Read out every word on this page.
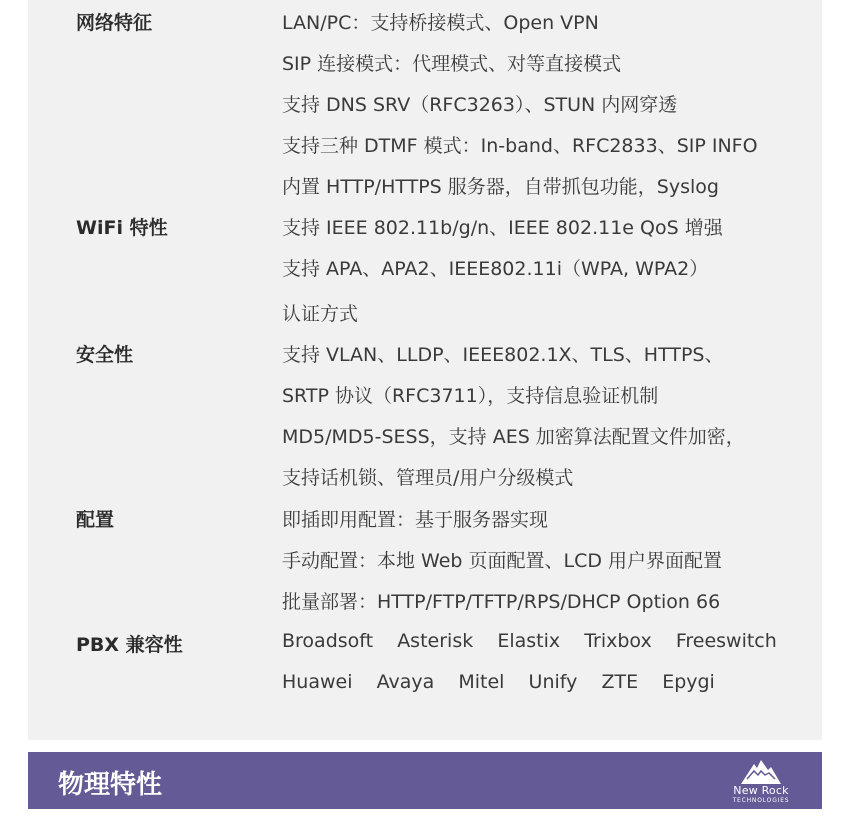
网络特征	LAN/PC：支持桥接模式、Open VPN
SIP 连接模式：代理模式、对等直接模式
支持 DNS SRV（RFC3263）、STUN 内网穿透
支持三种 DTMF 模式：In-band、RFC2833、SIP INFO
内置 HTTP/HTTPS 服务器，自带抓包功能，Syslog
WiFi 特性	支持 IEEE 802.11b/g/n、IEEE 802.11e QoS 增强
支持 APA、APA2、IEEE802.11i（WPA, WPA2）
认证方式
安全性	支持 VLAN、LLDP、IEEE802.1X、TLS、HTTPS、
SRTP 协议（RFC3711），支持信息验证机制
MD5/MD5-SESS，支持 AES 加密算法配置文件加密，
支持话机锁、管理员/用户分级模式
配置	即插即用配置：基于服务器实现
手动配置：本地 Web 页面配置、LCD 用户界面配置
批量部署：HTTP/FTP/TFTP/RPS/DHCP Option 66
PBX 兼容性	Broadsoft Asterisk Elastix Trixbox Freeswitch
Huawei Avaya Mitel Unify ZTE Epygi
物理特性	New Rock
TECHNOLOGIES
